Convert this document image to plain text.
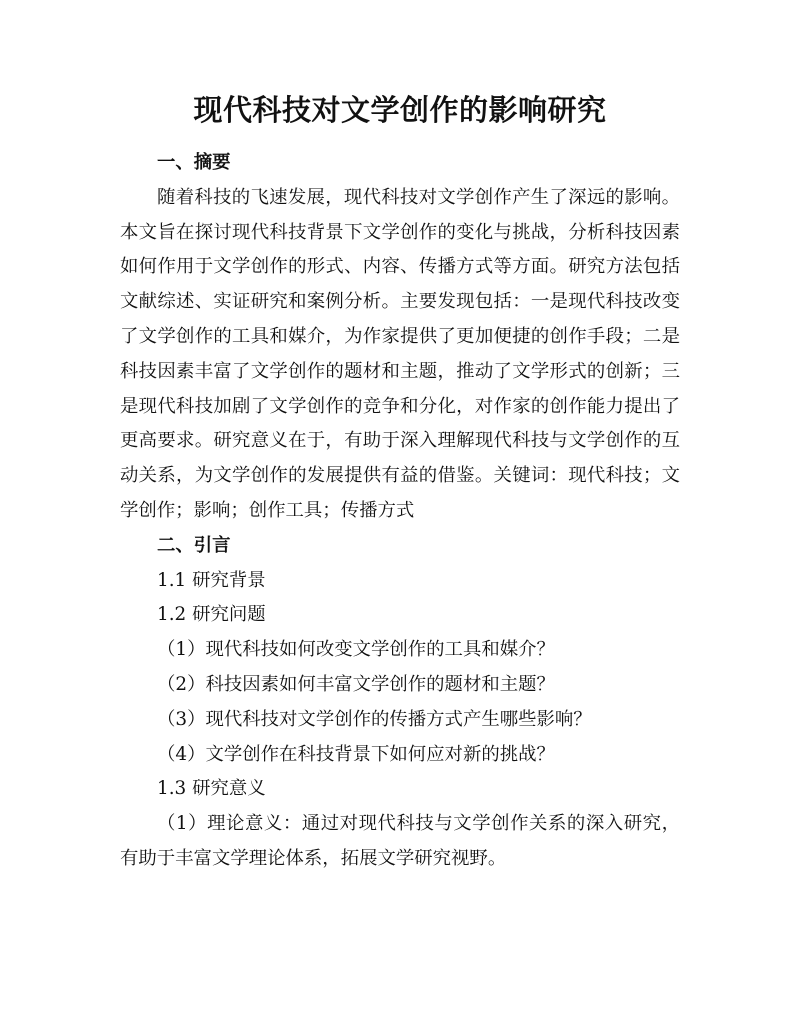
现代科技对文学创作的影响研究

一、摘要

随着科技的飞速发展，现代科技对文学创作产生了深远的影响。本文旨在探讨现代科技背景下文学创作的变化与挑战，分析科技因素如何作用于文学创作的形式、内容、传播方式等方面。研究方法包括文献综述、实证研究和案例分析。主要发现包括：一是现代科技改变了文学创作的工具和媒介，为作家提供了更加便捷的创作手段；二是科技因素丰富了文学创作的题材和主题，推动了文学形式的创新；三是现代科技加剧了文学创作的竞争和分化，对作家的创作能力提出了更高要求。研究意义在于，有助于深入理解现代科技与文学创作的互动关系，为文学创作的发展提供有益的借鉴。关键词：现代科技；文学创作；影响；创作工具；传播方式

二、引言

1.1 研究背景

1.2 研究问题

（1）现代科技如何改变文学创作的工具和媒介？

（2）科技因素如何丰富文学创作的题材和主题？

（3）现代科技对文学创作的传播方式产生哪些影响？

（4）文学创作在科技背景下如何应对新的挑战？

1.3 研究意义

（1）理论意义：通过对现代科技与文学创作关系的深入研究，有助于丰富文学理论体系，拓展文学研究视野。
